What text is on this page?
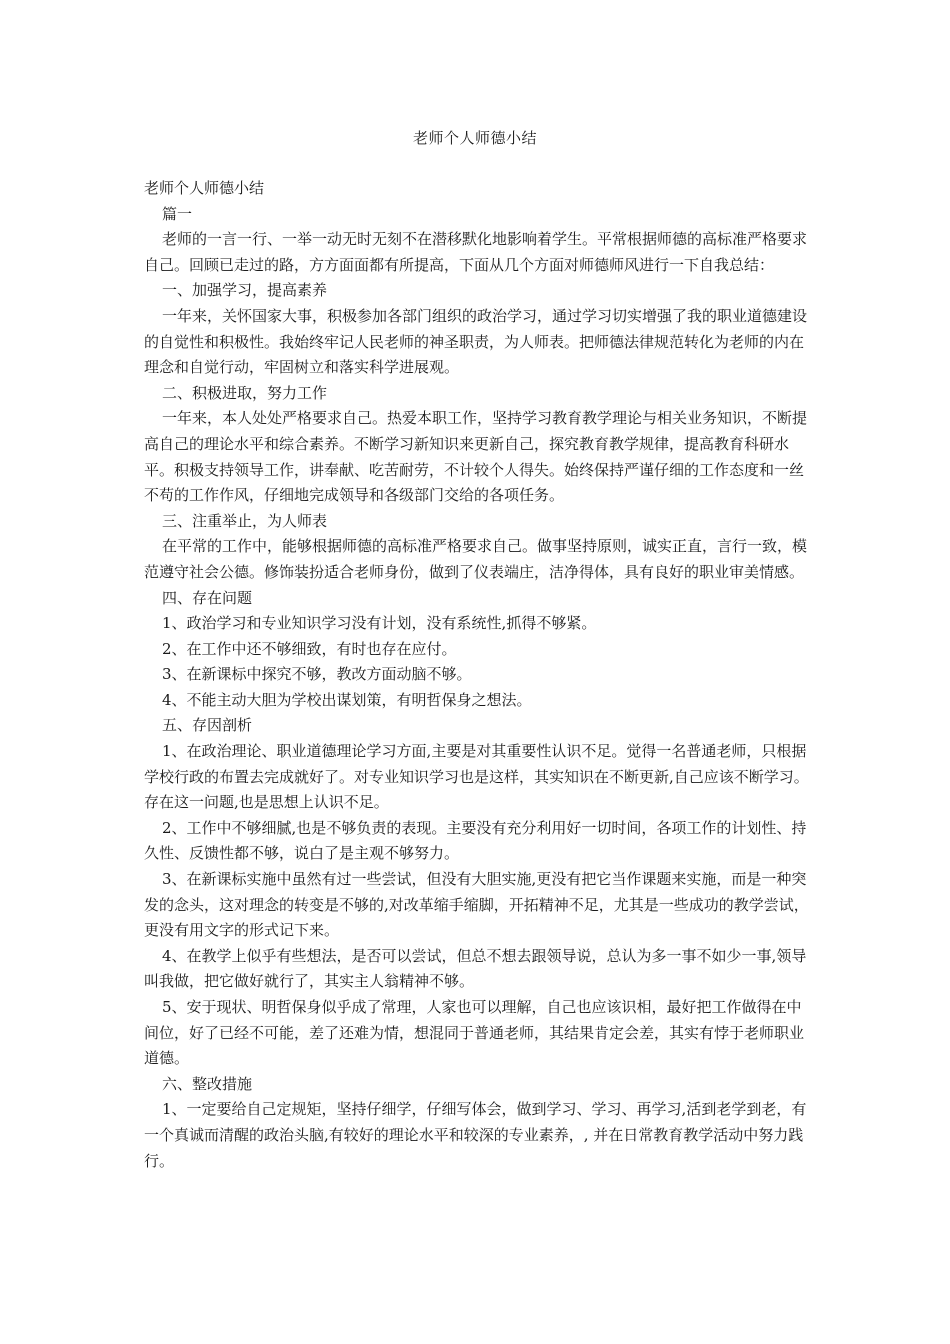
老师个人师德小结

老师个人师德小结

篇一

老师的一言一行、一举一动无时无刻不在潜移默化地影响着学生。平常根据师德的高标准严格要求自己。回顾已走过的路，方方面面都有所提高，下面从几个方面对师德师风进行一下自我总结：

一、加强学习，提高素养

一年来，关怀国家大事，积极参加各部门组织的政治学习，通过学习切实增强了我的职业道德建设的自觉性和积极性。我始终牢记人民老师的神圣职责，为人师表。把师德法律规范转化为老师的内在理念和自觉行动，牢固树立和落实科学进展观。

二、积极进取，努力工作

一年来，本人处处严格要求自己。热爱本职工作，坚持学习教育教学理论与相关业务知识，不断提高自己的理论水平和综合素养。不断学习新知识来更新自己，探究教育教学规律，提高教育科研水平。积极支持领导工作，讲奉献、吃苦耐劳，不计较个人得失。始终保持严谨仔细的工作态度和一丝不苟的工作作风，仔细地完成领导和各级部门交给的各项任务。

三、注重举止，为人师表

在平常的工作中，能够根据师德的高标准严格要求自己。做事坚持原则，诚实正直，言行一致，模范遵守社会公德。修饰装扮适合老师身份，做到了仪表端庄，洁净得体，具有良好的职业审美情感。

四、存在问题

1、政治学习和专业知识学习没有计划，没有系统性,抓得不够紧。

2、在工作中还不够细致，有时也存在应付。

3、在新课标中探究不够，教改方面动脑不够。

4、不能主动大胆为学校出谋划策，有明哲保身之想法。

五、存因剖析

1、在政治理论、职业道德理论学习方面,主要是对其重要性认识不足。觉得一名普通老师，只根据学校行政的布置去完成就好了。对专业知识学习也是这样，其实知识在不断更新,自己应该不断学习。存在这一问题,也是思想上认识不足。

2、工作中不够细腻,也是不够负责的表现。主要没有充分利用好一切时间，各项工作的计划性、持久性、反馈性都不够，说白了是主观不够努力。

3、在新课标实施中虽然有过一些尝试，但没有大胆实施,更没有把它当作课题来实施，而是一种突发的念头，这对理念的转变是不够的,对改革缩手缩脚，开拓精神不足，尤其是一些成功的教学尝试，更没有用文字的形式记下来。

4、在教学上似乎有些想法，是否可以尝试，但总不想去跟领导说，总认为多一事不如少一事,领导叫我做，把它做好就行了，其实主人翁精神不够。

5、安于现状、明哲保身似乎成了常理，人家也可以理解，自己也应该识相，最好把工作做得在中间位，好了已经不可能，差了还难为情，想混同于普通老师，其结果肯定会差，其实有悖于老师职业道德。

六、整改措施

1、一定要给自己定规矩，坚持仔细学，仔细写体会，做到学习、学习、再学习,活到老学到老，有一个真诚而清醒的政治头脑,有较好的理论水平和较深的专业素养，, 并在日常教育教学活动中努力践行。
